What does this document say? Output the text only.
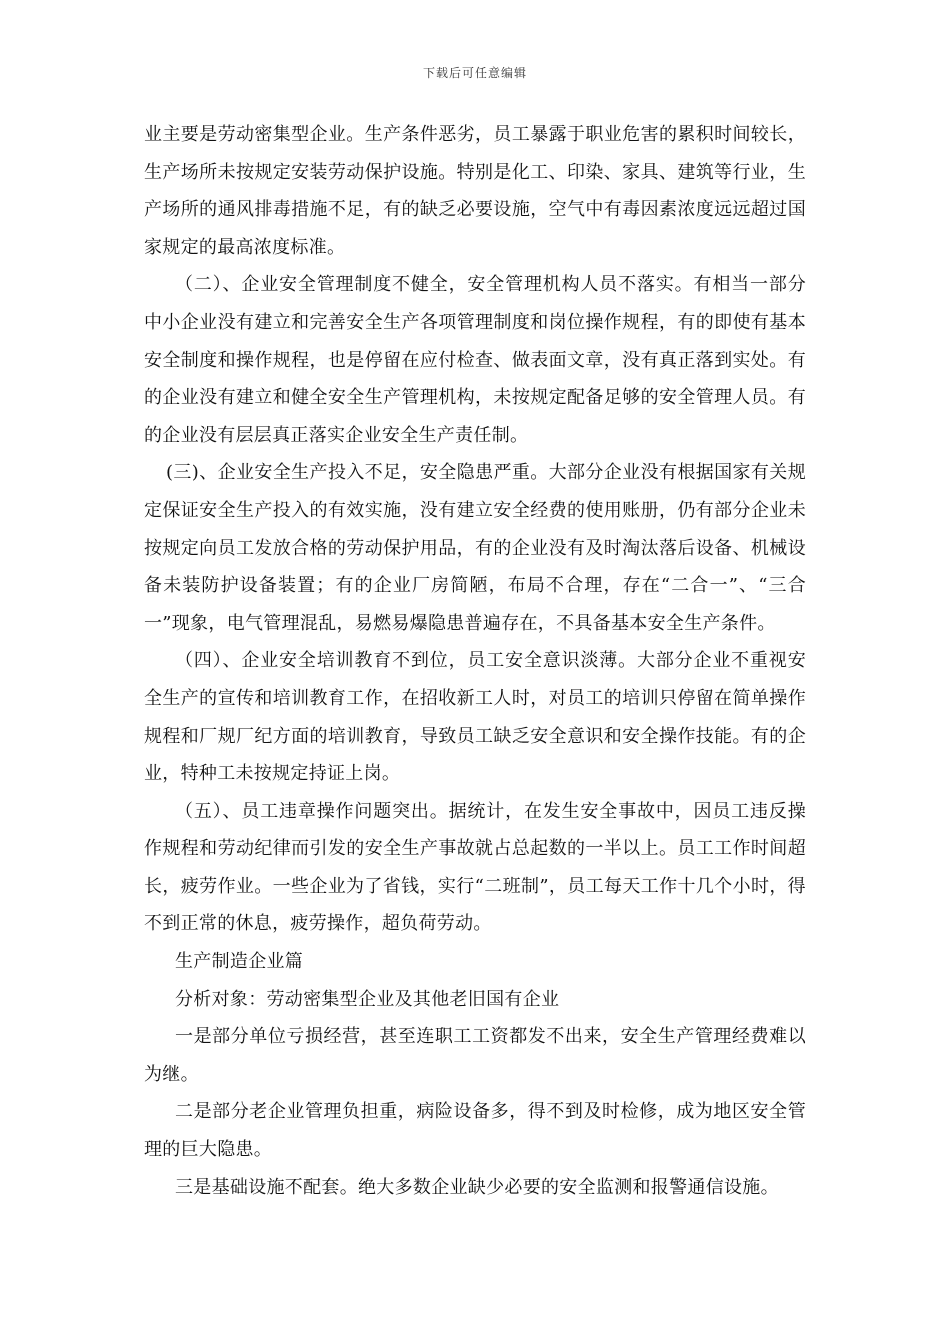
下载后可任意编辑

业主要是劳动密集型企业。生产条件恶劣，员工暴露于职业危害的累积时间较长，生产场所未按规定安装劳动保护设施。特别是化工、印染、家具、建筑等行业，生产场所的通风排毒措施不足，有的缺乏必要设施，空气中有毒因素浓度远远超过国家规定的最高浓度标准。

（二）、企业安全管理制度不健全，安全管理机构人员不落实。有相当一部分中小企业没有建立和完善安全生产各项管理制度和岗位操作规程，有的即使有基本安全制度和操作规程，也是停留在应付检查、做表面文章，没有真正落到实处。有的企业没有建立和健全安全生产管理机构，未按规定配备足够的安全管理人员。有的企业没有层层真正落实企业安全生产责任制。

(三)、企业安全生产投入不足，安全隐患严重。大部分企业没有根据国家有关规定保证安全生产投入的有效实施，没有建立安全经费的使用账册，仍有部分企业未按规定向员工发放合格的劳动保护用品，有的企业没有及时淘汰落后设备、机械设备未装防护设备装置；有的企业厂房简陋，布局不合理，存在“二合一”、“三合一”现象，电气管理混乱，易燃易爆隐患普遍存在，不具备基本安全生产条件。

（四）、企业安全培训教育不到位，员工安全意识淡薄。大部分企业不重视安全生产的宣传和培训教育工作，在招收新工人时，对员工的培训只停留在简单操作规程和厂规厂纪方面的培训教育，导致员工缺乏安全意识和安全操作技能。有的企业，特种工未按规定持证上岗。

（五）、员工违章操作问题突出。据统计，在发生安全事故中，因员工违反操作规程和劳动纪律而引发的安全生产事故就占总起数的一半以上。员工工作时间超长，疲劳作业。一些企业为了省钱，实行“二班制”，员工每天工作十几个小时，得不到正常的休息，疲劳操作，超负荷劳动。

生产制造企业篇

分析对象：劳动密集型企业及其他老旧国有企业

一是部分单位亏损经营，甚至连职工工资都发不出来，安全生产管理经费难以为继。

二是部分老企业管理负担重，病险设备多，得不到及时检修，成为地区安全管理的巨大隐患。

三是基础设施不配套。绝大多数企业缺少必要的安全监测和报警通信设施。
